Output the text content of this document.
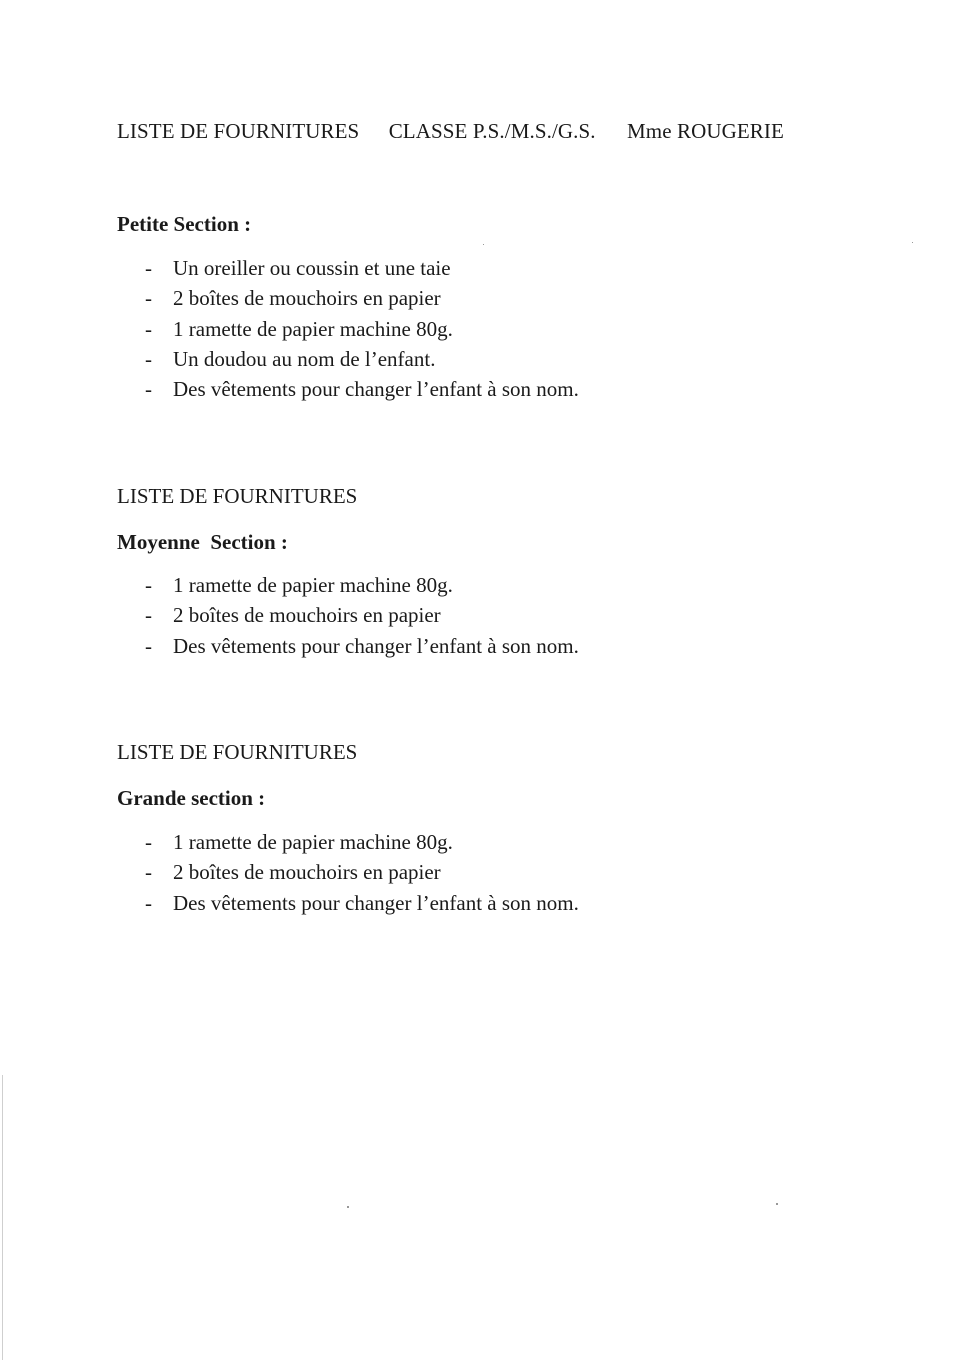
LISTE DE FOURNITURES CLASSE P.S./M.S./G.S. Mme ROUGERIE
Petite Section :
- Un oreiller ou coussin et une taie
- 2 boîtes de mouchoirs en papier
- 1 ramette de papier machine 80g.
- Un doudou au nom de l’enfant.
- Des vêtements pour changer l’enfant à son nom.
LISTE DE FOURNITURES
Moyenne  Section :
- 1 ramette de papier machine 80g.
- 2 boîtes de mouchoirs en papier
- Des vêtements pour changer l’enfant à son nom.
LISTE DE FOURNITURES
Grande section :
- 1 ramette de papier machine 80g.
- 2 boîtes de mouchoirs en papier
- Des vêtements pour changer l’enfant à son nom.
